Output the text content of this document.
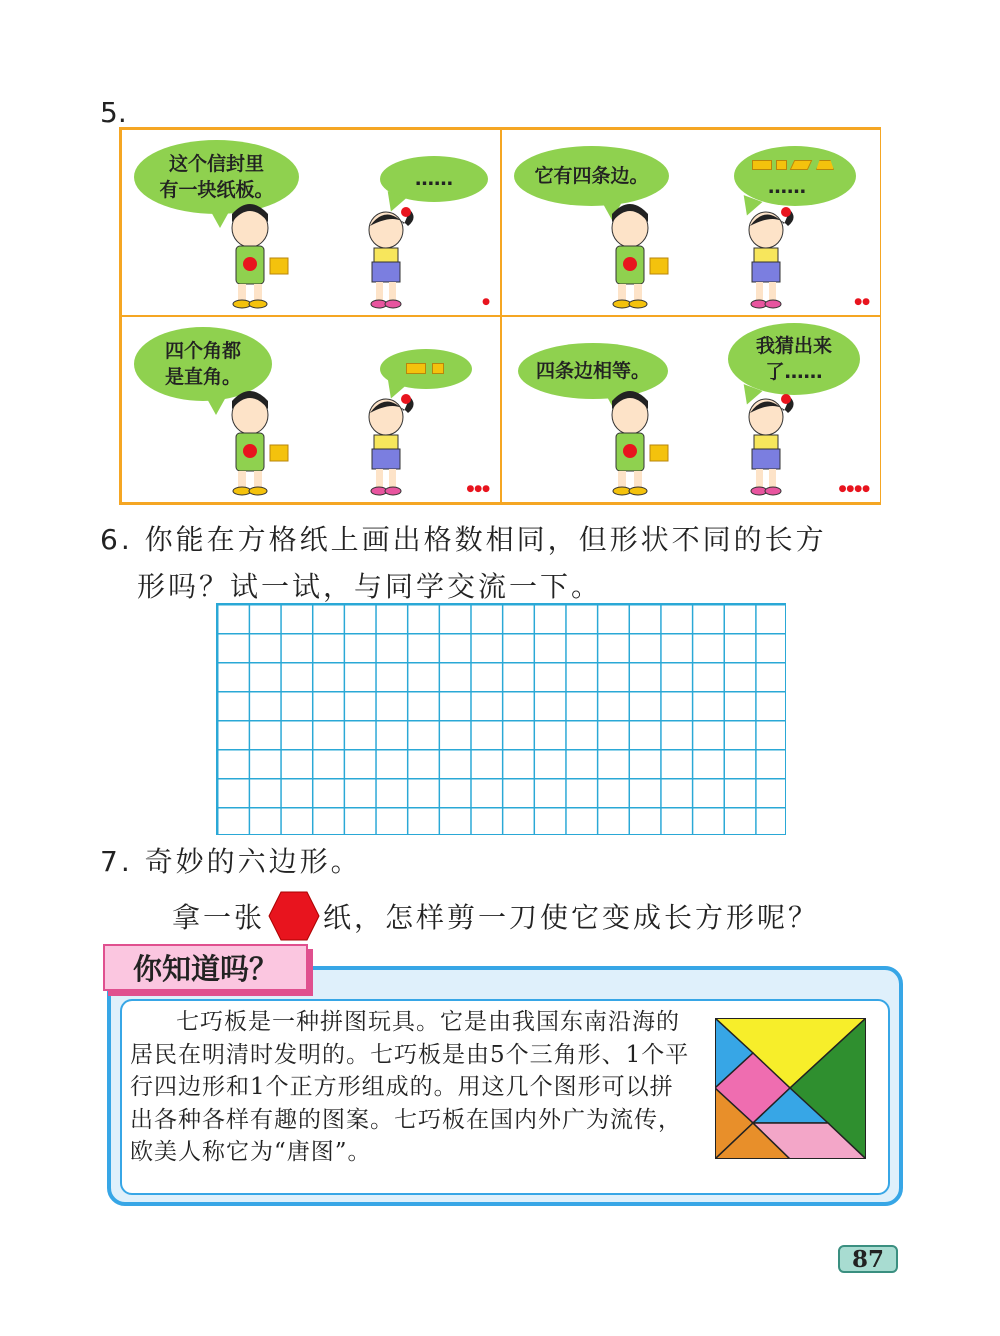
5.
这个信封里
有一块纸板。	……
●
它有四条边。	……
●●
四个角都
是直角。
●●●
四条边相等。
我猜出来
了……
●●●●
6. 你能在方格纸上画出格数相同，但形状不同的长方
形吗？试一试，与同学交流一下。
7. 奇妙的六边形。
拿一张 纸，怎样剪一刀使它变成长方形呢？
你知道吗？
七巧板是一种拼图玩具。它是由我国东南沿海的居民在明清时发明的。七巧板是由5个三角形、1个平行四边形和1个正方形组成的。用这几个图形可以拼出各种各样有趣的图案。七巧板在国内外广为流传，欧美人称它为“唐图”。
87
